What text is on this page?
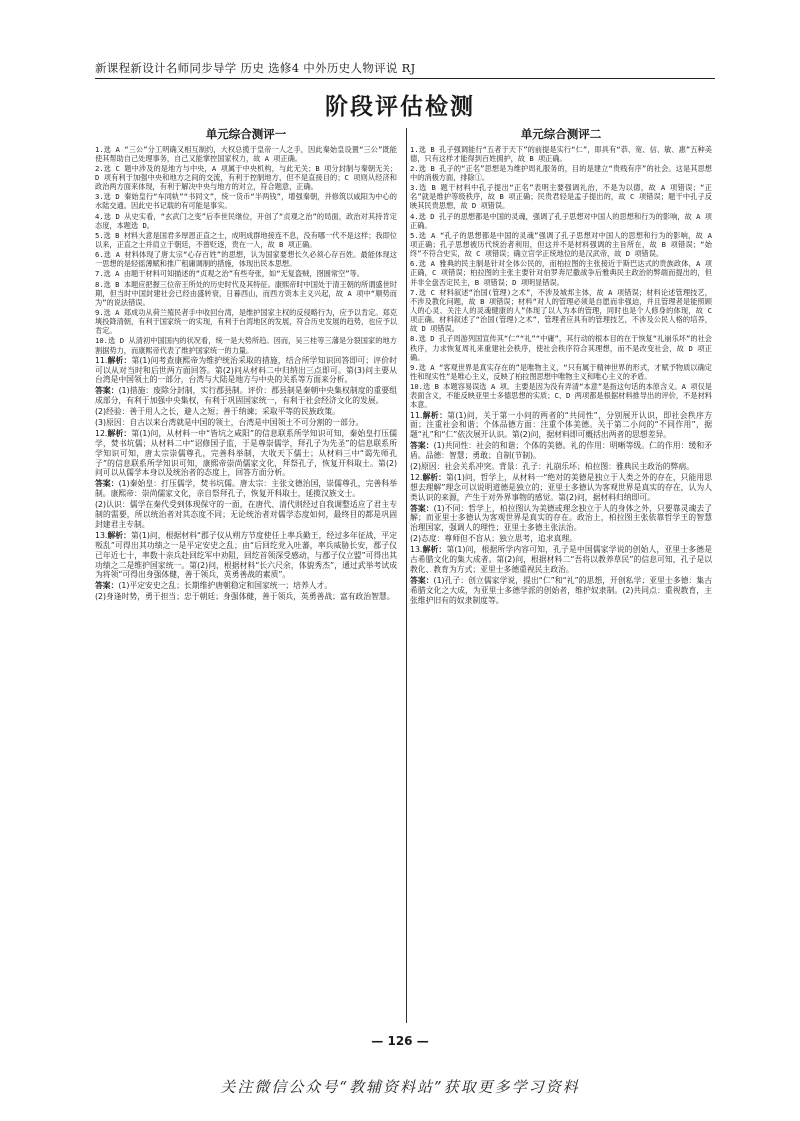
新课程新设计名师同步导学 历史 选修4 中外历史人物评说 RJ
阶段评估检测
单元综合测评一
1.选 A “三公”分工明确又相互制约，大权总揽于皇帝一人之手，因此秦始皇设置“三公”既能使其帮助自己处理事务，自己又能掌控国家权力，故 A 项正确。
2.选 C 题中涉及的是地方与中央，A 项属于中央机构，与此无关；B 项分封制与秦朝无关；D 项有利于加强中央和地方之间的交流，有利于控制地方，但不是直接目的；C 项则从经济和政治两方面来体现，有利于解决中央与地方的对立，符合题意，正确。
3.选 D 秦始皇行“车同轨”“书同文”，统一货币“半两钱”，增强秦朝，并修筑以咸阳为中心的水陆交通。因此史书记载的有可能是事实。
4.选 D 从史实看，“玄武门之变”后李世民继位，开创了“贞观之治”的局面，政治对其持肯定态度，本题选 D。
5.选 B 材料大意是国君多厚恩正直之士，成明成群地接连不息，没有哪一代不是这样；我即位以来，正直之士并肩立于朝廷，不曾贬逐，贵在一人，故 B 项正确。
6.选 A 材料体现了唐太宗“心存百姓”的思想，认为国家要想长久必须心存百姓。最能体现这一思想的是轻徭薄赋和推广租庸调制的措施，体现出民本思想。
7.选 A 由题干材料可知描述的“贞观之治”有些夸张，如“无复盗贼，囹圄常空”等。
8.选 B 本题应把握三位帝王所处的历史时代及其特征。康熙帝时中国处于清王朝的所谓盛世时期，但当时中国封建社会已经由盛转衰，日暮西山，而西方资本主义兴起，故 A 项中“顺势而为”的说法错误。
9.选 A 郑成功从荷兰殖民者手中收回台湾，是维护国家主权的反侵略行为，应予以肯定。郑克塽投降清朝，有利于国家统一的实现，有利于台湾地区的发展，符合历史发展的趋势，也应予以肯定。
10.选 D 从清初中国国内的状况看，统一是大势所趋。因而，吴三桂等三藩是分裂国家的地方割据势力，而康熙帝代表了维护国家统一的力量。
11.解析：第(1)问考查康熙帝为维护统治采取的措施，结合所学知识回答即可；评价时可以从对当时和后世两方面回答。第(2)问从材料二中归纳出三点即可。第(3)问主要从台湾是中国领土的一部分，台湾与大陆是地方与中央的关系等方面来分析。
答案：(1)措施：废除分封制，实行郡县制。评价：郡县制是秦朝中央集权制度的重要组成部分，有利于加强中央集权，有利于巩固国家统一，有利于社会经济文化的发展。
(2)经验：善于用人之长，避人之短；善于纳谏；采取平等的民族政策。
(3)原因：自古以来台湾就是中国的领土，台湾是中国领土不可分割的一部分。
12.解析：第(1)问，从材料一中“皆坑之咸阳”的信息联系所学知识可知，秦始皇打压儒学，焚书坑儒；从材料二中“诏修国子监，于是尊崇儒学，拜孔子为先圣”的信息联系所学知识可知，唐太宗崇儒尊孔，完善科举制，大收天下儒士；从材料三中“谒先师孔子”的信息联系所学知识可知，康熙帝崇尚儒家文化，拜祭孔子，恢复开科取士。第(2)问可以从儒学本身以及统治者的态度上，回答方面分析。
答案：(1)秦始皇：打压儒学，焚书坑儒。唐太宗：主张文德治国，崇儒尊孔，完善科举制。康熙帝：崇尚儒家文化，亲自祭拜孔子，恢复开科取士，延揽汉族文士。
(2)认识：儒学在秦代受到体现保守的一面，在唐代、清代则经过自我调整适应了君主专制的需要，所以统治者对其态度不同；无论统治者对儒学态度如何，最终目的都是巩固封建君主专制。
13.解析：第(1)问，根据材料“郡子仪从朔方节度使任上率兵勤王，经过多年征战，平定叛乱”可得出其功绩之一是平定安史之乱；由“后回纥党入吐蕃，率兵威胁长安，郡子仪已年近七十，率数十亲兵赴回纥军中劝阻，回纥首领深受感动，与郡子仪立盟”可得出其功绩之二是维护国家统一。第(2)问，根据材料“长六尺余，体貌秀杰”，通过武举考试成为将领“可得出身强体健，善于领兵，英勇善战的素质”。
答案：(1)平定安史之乱；长期维护唐朝稳定和国家统一；培养人才。
(2)身逢时势，勇于担当；忠于朝廷；身强体健，善于领兵，英勇善战；富有政治智慧。
单元综合测评二
1.选 B 孔子强调能行“五者于天下”的前提是实行“仁”，即具有“恭、宽、信、敏、惠”五种美德，只有这样才能得到百姓拥护，故 B 项正确。
2.选 B 孔子的“正名”思想是为维护周礼服务的，目的是建立“贵贱有序”的社会。这是其思想中的消极方面，排除①。
3.选 B 题干材料中孔子提出“正名”表明主要强调礼治，不是为以德，故 A 项错误；“正名”就是维护等级秩序，故 B 项正确；民贵君轻是孟子提出的，故 C 项错误；题干中孔子反映其民贵思想，故 D 项错误。
4.选 D 孔子的思想都是中国的灵魂，强调了孔子思想对中国人的思想和行为的影响，故 A 项正确。
5.选 A “孔子的思想都是中国的灵魂”强调了孔子思想对中国人的思想和行为的影响，故 A 项正确；孔子思想被历代统治者利用，但这并不是材料强调的主旨所在，故 B 项错误；“始终”不符合史实，故 C 项错误；确立官学正统地位的是汉武帝，故 D 项错误。
6.选 A 雅典的民主制是针对全体公民的，而柏拉图的主张接近于斯巴达式的贵族政体，A 项正确，C 项错误；柏拉图的主张主要针对伯罗奔尼撒战争后雅典民主政治的弊端而提出的，但并非全盘否定民主，B 项错误；D 项明显错误。
7.选 C 材料叙述“治国(管理)之术”，不涉及城邦主体，故 A 项错误；材料论述管理技艺，不涉及教化问题，故 B 项错误；材料“对人的管理必须是自愿而非强迫，并且管理者是能照顾人的心灵、关注人的灵魂健康的人”体现了以人为本的管理，同时也是个人修身的体现，故 C 项正确。材料叙述了“治国(管理)之术”，管理者应具有的管理技艺，不涉及公民人格的培养，故 D 项错误。
8.选 D 孔子周游列国宣传其“仁”“礼”“中庸”，其行动的根本目的在于恢复“礼崩乐坏”的社会秩序，力求恢复周礼来重建社会秩序，使社会秩序符合其理想，而不是改变社会，故 D 项正确。
9.选 A “客观世界是真实存在的”是唯物主义，“只有属于精神世界的形式，才赋予物质以确定性和现实性”是唯心主义，反映了柏拉图思想中唯物主义和唯心主义的矛盾。
10.选 B 本题容易误选 A 项。主要是因为没有弄清“本意”是指这句话的本原含义。A 项仅是表面含义，不能反映亚里士多德思想的实质；C、D 两项都是根据材料推导出的评价，不是材料本意。
11.解析：第(1)问，关于第一小问的两者的“共同性”，分别展开认识，即社会秩序方面；注重社会和谐；个体品德方面：注重个体美德。关于第二小问的“不同作用”，据题“礼”和“仁”依次展开认识。第(2)问，据材料即可概括出两者的思想差异。
答案：(1)共同性：社会的和谐；个体的美德。礼的作用：明晰等级。仁的作用：缓和矛盾。品德：智慧；勇敢；自制(节制)。
(2)原因：社会关系冲突。背景：孔子：礼崩乐坏；柏拉图：雅典民主政治的弊病。
12.解析：第(1)问，哲学上，从材料一“绝对的美德是独立于人类之外的存在，只能用思想去理解”理念可以说明道德是独立的；亚里士多德认为客观世界是真实的存在，认为人类认识的来源，产生于对外界事物的感觉。第(2)问，据材料归纳即可。
答案：(1)不同：哲学上，柏拉图认为美德或理念独立于人的身体之外，只要靠灵魂去了解；而亚里士多德认为客观世界是真实的存在。政治上，柏拉图主张依靠哲学王的智慧治理国家，强调人的理性；亚里士多德主张法治。
(2)态度：尊师但不盲从；独立思考，追求真理。
13.解析：第(1)问，根据所学内容可知，孔子是中国儒家学说的创始人，亚里士多德是古希腊文化的集大成者。第(2)问，根据材料二“吾将以教养草民”的信息可知，孔子是以教化、教育为方式；亚里士多德重视民主政治。
答案：(1)孔子：创立儒家学说，提出“仁”和“礼”的思想，开创私学；亚里士多德：集古希腊文化之大成，为亚里士多德学派的创始者，维护奴隶制。(2)共同点：重视教育，主张维护旧有的奴隶制度等。
— 126 —
关注微信公众号“教辅资料站”获取更多学习资料
